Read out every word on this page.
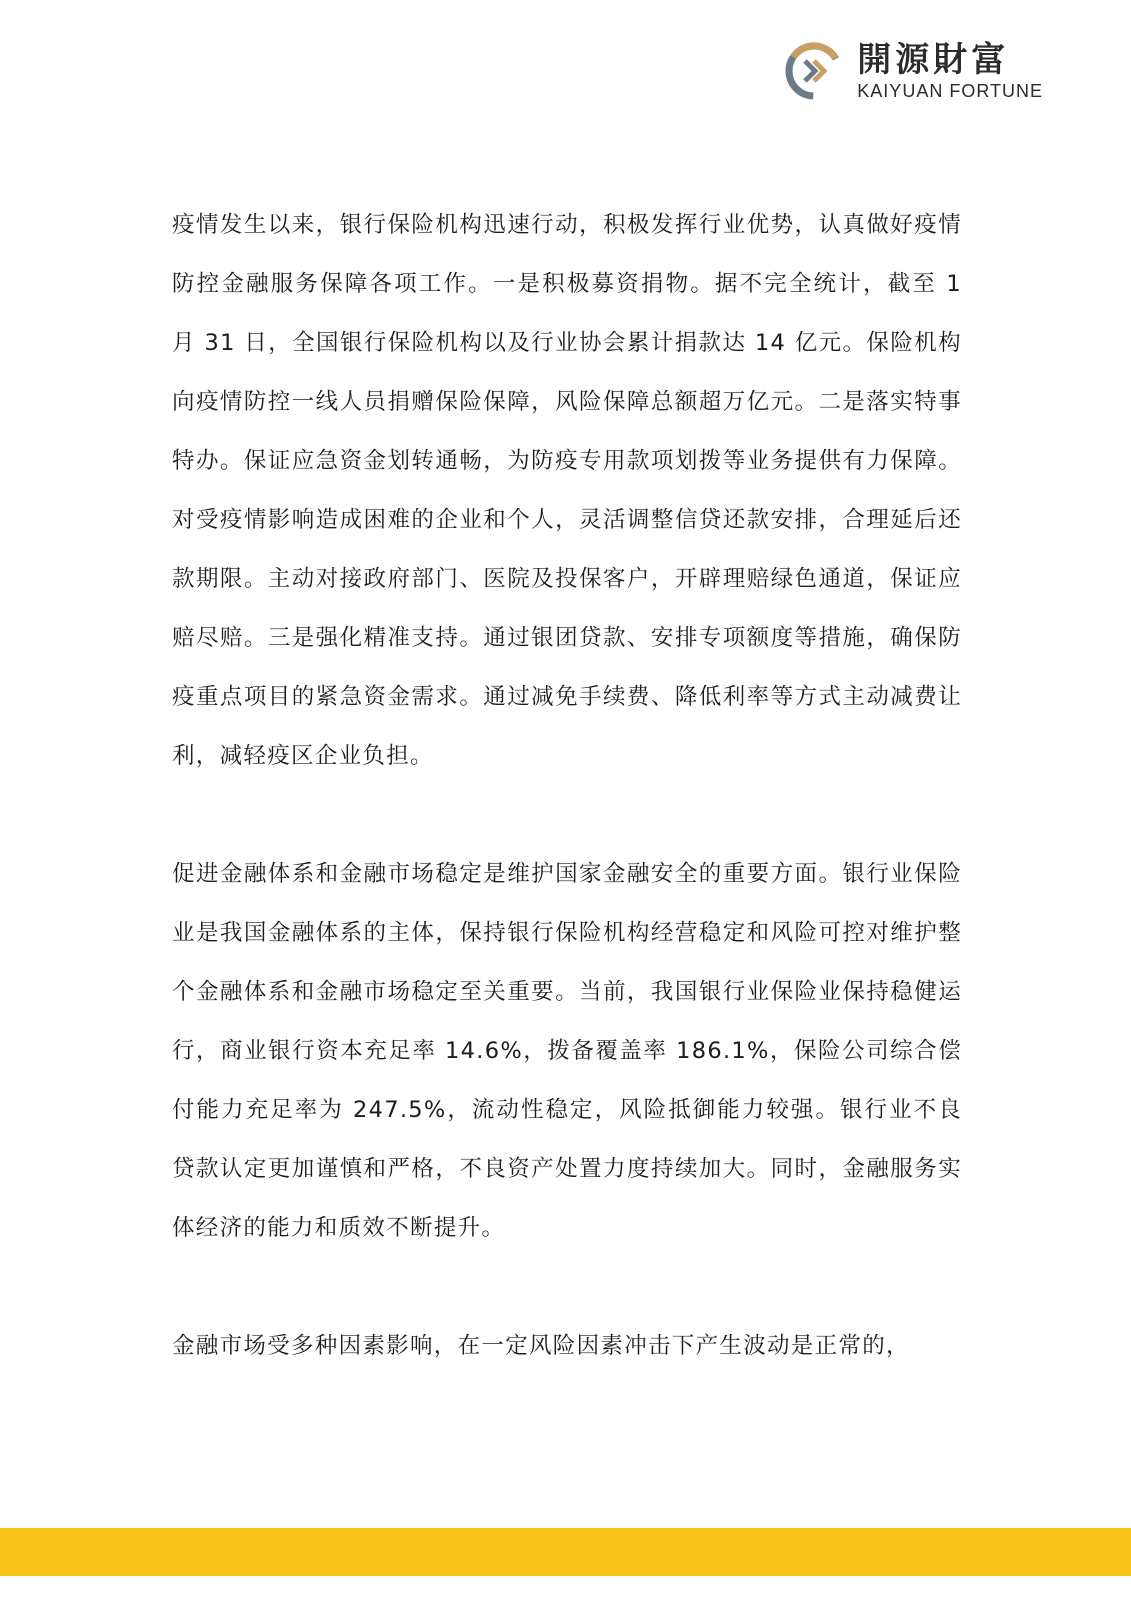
開源財富
KAIYUAN FORTUNE

疫情发生以来，银行保险机构迅速行动，积极发挥行业优势，认真做好疫情防控金融服务保障各项工作。一是积极募资捐物。据不完全统计，截至 1 月 31 日，全国银行保险机构以及行业协会累计捐款达 14 亿元。保险机构向疫情防控一线人员捐赠保险保障，风险保障总额超万亿元。二是落实特事特办。保证应急资金划转通畅，为防疫专用款项划拨等业务提供有力保障。对受疫情影响造成困难的企业和个人，灵活调整信贷还款安排，合理延后还款期限。主动对接政府部门、医院及投保客户，开辟理赔绿色通道，保证应赔尽赔。三是强化精准支持。通过银团贷款、安排专项额度等措施，确保防疫重点项目的紧急资金需求。通过减免手续费、降低利率等方式主动减费让利，减轻疫区企业负担。

促进金融体系和金融市场稳定是维护国家金融安全的重要方面。银行业保险业是我国金融体系的主体，保持银行保险机构经营稳定和风险可控对维护整个金融体系和金融市场稳定至关重要。当前，我国银行业保险业保持稳健运行，商业银行资本充足率 14.6%，拨备覆盖率 186.1%，保险公司综合偿付能力充足率为 247.5%，流动性稳定，风险抵御能力较强。银行业不良贷款认定更加谨慎和严格，不良资产处置力度持续加大。同时，金融服务实体经济的能力和质效不断提升。

金融市场受多种因素影响，在一定风险因素冲击下产生波动是正常的，
